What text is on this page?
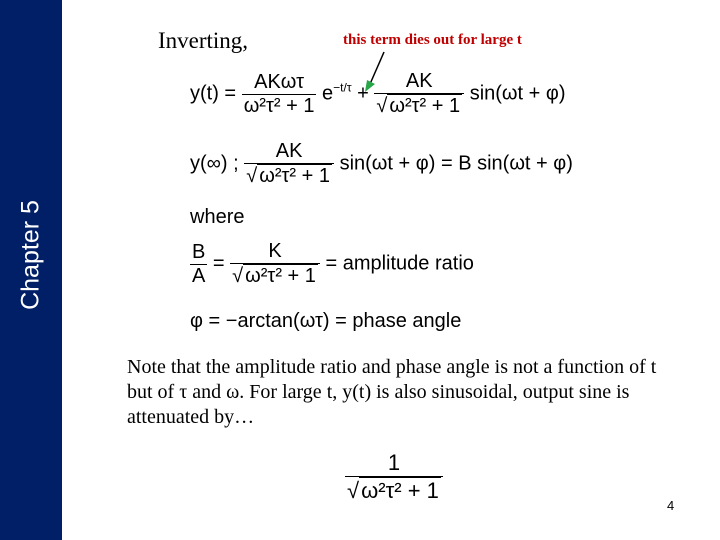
Chapter 5
Inverting,	this term dies out for large t
$y(t) = \frac{\text{AKωτ}}{\text{ω²τ² + 1}} e^{-t/\tau} + \frac{AK}{\text{√ ω²τ² + 1}} \sin(\omega t + \varphi)$
y(∞) ; $\frac{AK}{\text{√ ω²τ² + 1}} \sin(\omega t + \varphi) = B$ sin(ωt + φ)
where
$\frac{B}{A} = \frac{K}{\text{√ ω²τ² + 1}}$ = amplitude ratio
φ = −arctan(ωτ) = phase angle

Note that the amplitude ratio and phase angle is not a function of t but of τ and ω. For large t, y(t) is also sinusoidal, output sine is attenuated by…

$\frac{1}{\text{√ω²τ² + 1}}$
4
